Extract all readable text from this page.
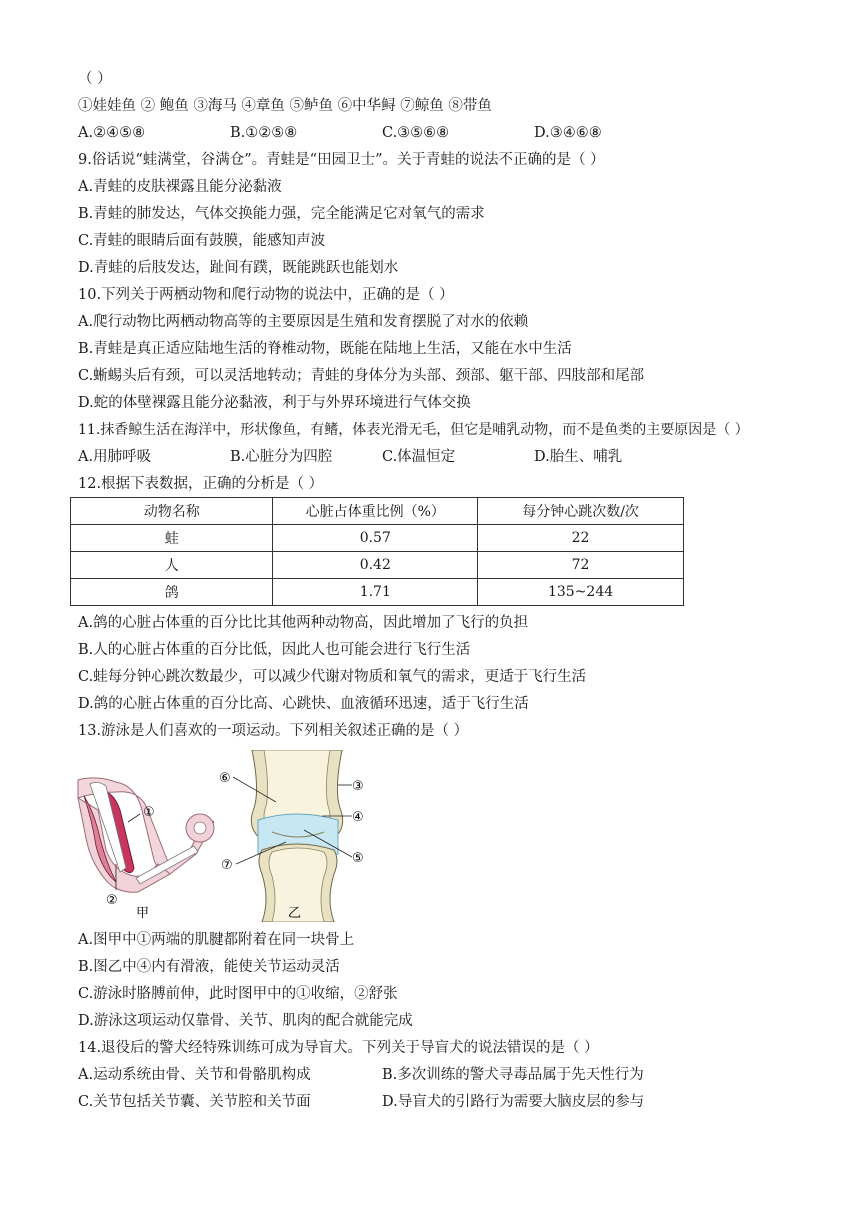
（ ）
①娃娃鱼 ② 鲍鱼 ③海马 ④章鱼 ⑤鲈鱼 ⑥中华鲟 ⑦鲸鱼 ⑧带鱼
A.②④⑤⑧	B.①②⑤⑧	C.③⑤⑥⑧	D.③④⑥⑧
9.俗话说“蛙满堂，谷满仓”。青蛙是“田园卫士”。关于青蛙的说法不正确的是（ ）
A.青蛙的皮肤裸露且能分泌黏液
B.青蛙的肺发达，气体交换能力强，完全能满足它对氧气的需求
C.青蛙的眼睛后面有鼓膜，能感知声波
D.青蛙的后肢发达，趾间有蹼，既能跳跃也能划水
10.下列关于两栖动物和爬行动物的说法中，正确的是（ ）
A.爬行动物比两栖动物高等的主要原因是生殖和发育摆脱了对水的依赖
B.青蛙是真正适应陆地生活的脊椎动物，既能在陆地上生活，又能在水中生活
C.蜥蜴头后有颈，可以灵活地转动；青蛙的身体分为头部、颈部、躯干部、四肢部和尾部
D.蛇的体壁裸露且能分泌黏液，利于与外界环境进行气体交换
11.抹香鲸生活在海洋中，形状像鱼，有鳍，体表光滑无毛，但它是哺乳动物，而不是鱼类的主要原因是（ ）
A.用肺呼吸	B.心脏分为四腔	C.体温恒定	D.胎生、哺乳
12.根据下表数据，正确的分析是（ ）
动物名称	心脏占体重比例（%）	每分钟心跳次数/次
蛙	0.57	22
人	0.42	72
鸽	1.71	135~244
A.鸽的心脏占体重的百分比比其他两种动物高，因此增加了飞行的负担
B.人的心脏占体重的百分比低，因此人也可能会进行飞行生活
C.蛙每分钟心跳次数最少，可以减少代谢对物质和氧气的需求，更适于飞行生活
D.鸽的心脏占体重的百分比高、心跳快、血液循环迅速，适于飞行生活
13.游泳是人们喜欢的一项运动。下列相关叙述正确的是（ ）
①
②
甲
⑥
③
④
⑤
⑦
乙
A.图甲中①两端的肌腱都附着在同一块骨上
B.图乙中④内有滑液，能使关节运动灵活
C.游泳时胳膊前伸，此时图甲中的①收缩，②舒张
D.游泳这项运动仅靠骨、关节、肌肉的配合就能完成
14.退役后的警犬经特殊训练可成为导盲犬。下列关于导盲犬的说法错误的是（ ）
A.运动系统由骨、关节和骨骼肌构成	B.多次训练的警犬寻毒品属于先天性行为
C.关节包括关节囊、关节腔和关节面	D.导盲犬的引路行为需要大脑皮层的参与
